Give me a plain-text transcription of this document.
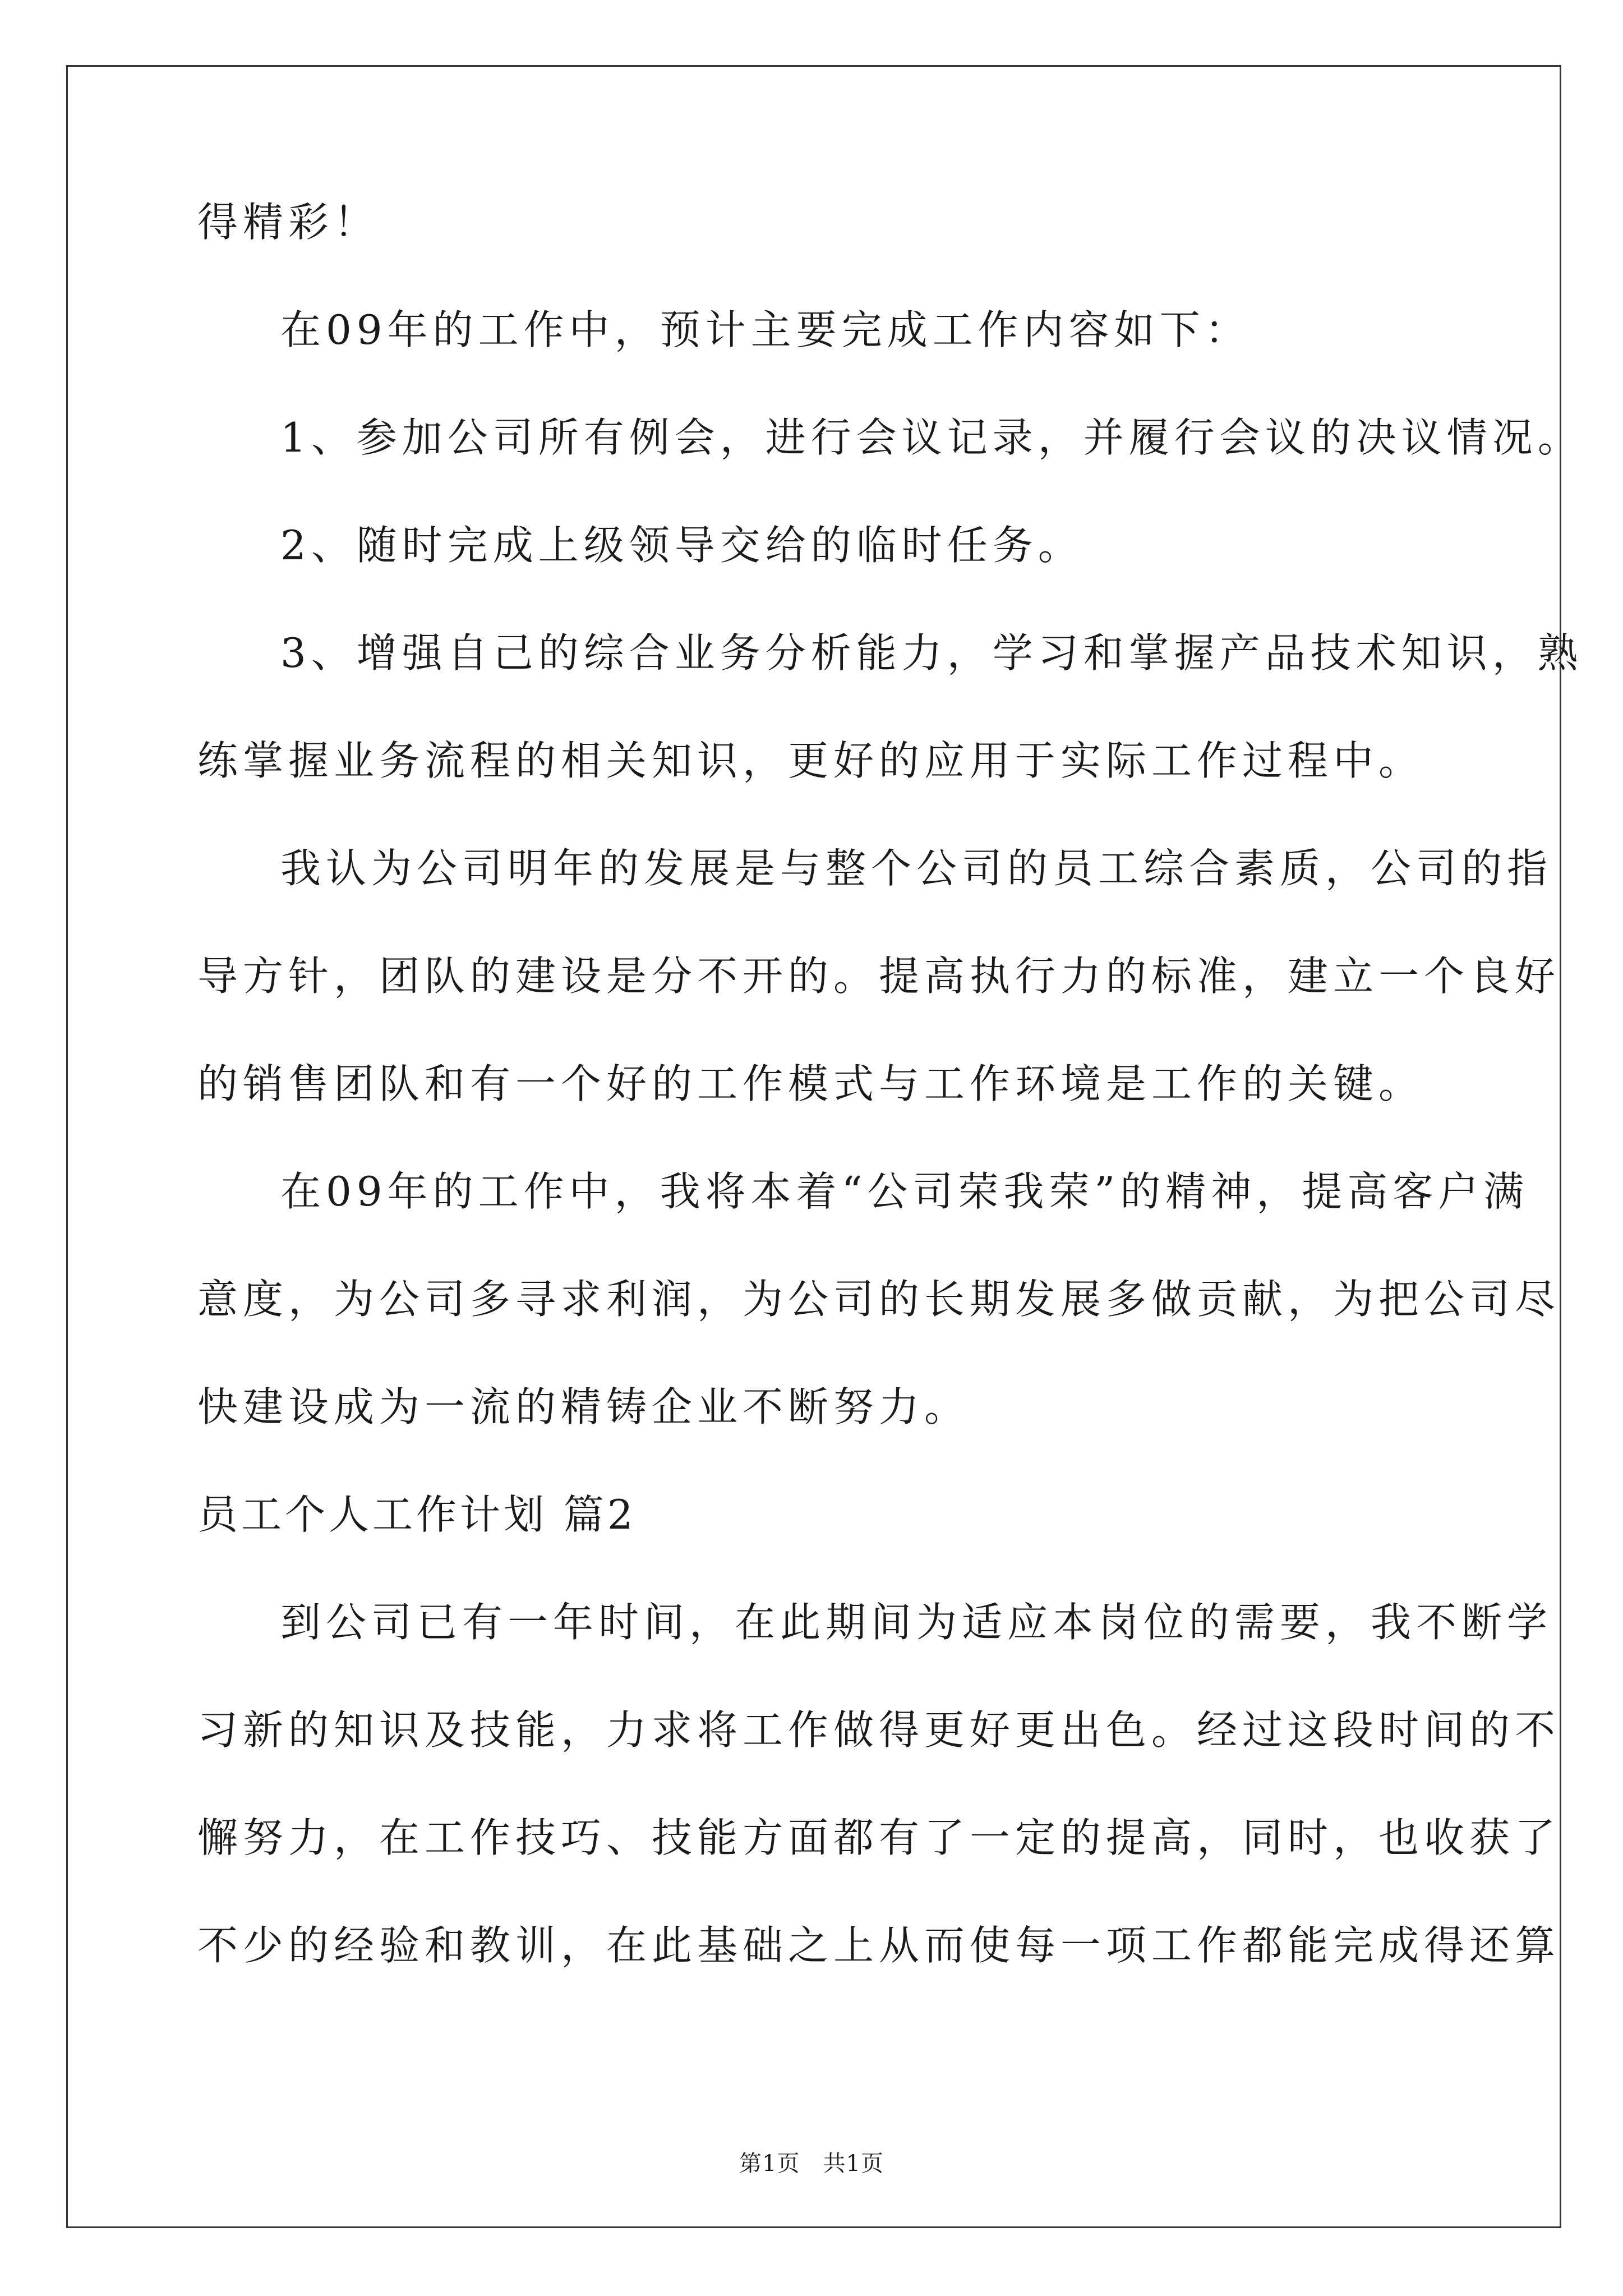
得精彩！
在09年的工作中，预计主要完成工作内容如下：
1、参加公司所有例会，进行会议记录，并履行会议的决议情况。
2、随时完成上级领导交给的临时任务。
3、增强自己的综合业务分析能力，学习和掌握产品技术知识，熟
练掌握业务流程的相关知识，更好的应用于实际工作过程中。
我认为公司明年的发展是与整个公司的员工综合素质，公司的指
导方针，团队的建设是分不开的。提高执行力的标准，建立一个良好
的销售团队和有一个好的工作模式与工作环境是工作的关键。
在09年的工作中，我将本着“公司荣我荣”的精神，提高客户满
意度，为公司多寻求利润，为公司的长期发展多做贡献，为把公司尽
快建设成为一流的精铸企业不断努力。
员工个人工作计划 篇2
到公司已有一年时间，在此期间为适应本岗位的需要，我不断学
习新的知识及技能，力求将工作做得更好更出色。经过这段时间的不
懈努力，在工作技巧、技能方面都有了一定的提高，同时，也收获了
不少的经验和教训，在此基础之上从而使每一项工作都能完成得还算
第1页　共1页
